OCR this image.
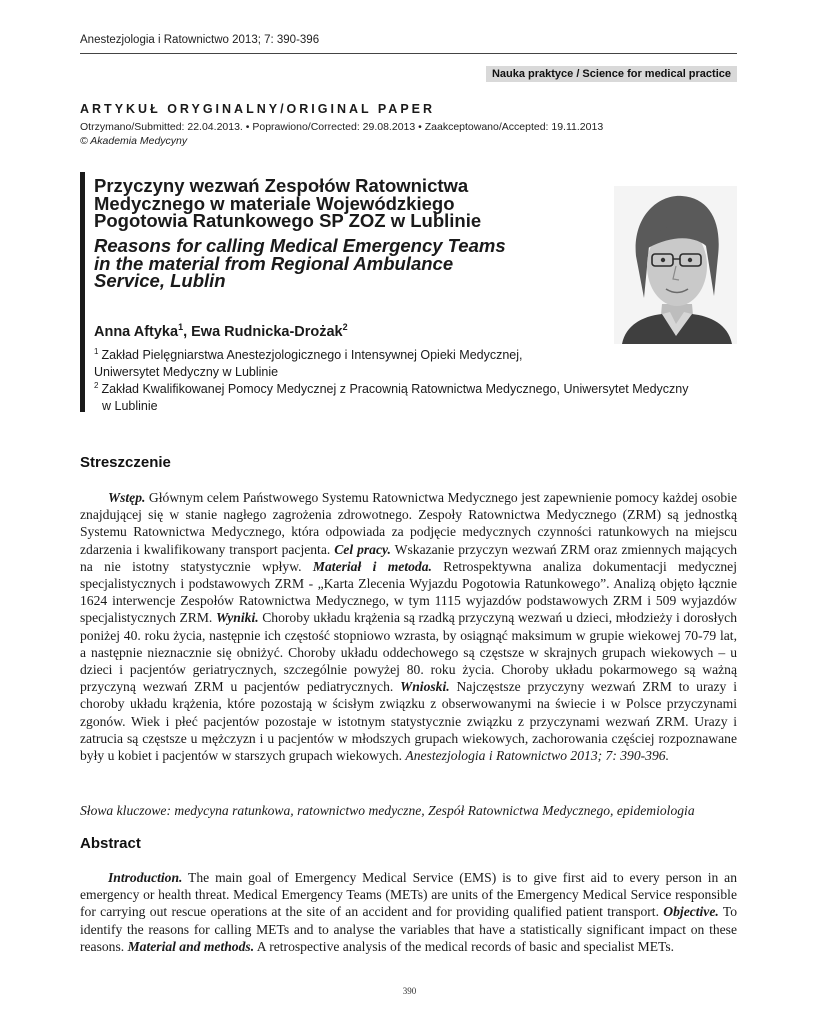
Anestezjologia i Ratownictwo 2013; 7: 390-396
Nauka praktyce / Science for medical practice
ARTYKUŁ ORYGINALNY/ORIGINAL PAPER
Otrzymano/Submitted: 22.04.2013. • Poprawiono/Corrected: 29.08.2013 • Zaakceptowano/Accepted: 19.11.2013
© Akademia Medycyny
Przyczyny wezwań Zespołów Ratownictwa
Medycznego w materiale Wojewódzkiego
Pogotowia Ratunkowego SP ZOZ w Lublinie
Reasons for calling Medical Emergency Teams
in the material from Regional Ambulance
Service, Lublin
Anna Aftyka$^1$, Ewa Rudnicka-Drożak$^2$
$^1$ Zakład Pielęgniarstwa Anestezjologicznego i Intensywnej Opieki Medycznej,
Uniwersytet Medyczny w Lublinie
$^2$ Zakład Kwalifikowanej Pomocy Medycznej z Pracownią Ratownictwa Medycznego, Uniwersytet Medyczny
w Lublinie
Streszczenie

Wstęp. Głównym celem Państwowego Systemu Ratownictwa Medycznego jest zapewnienie pomocy każdej osobie znajdującej się w stanie nagłego zagrożenia zdrowotnego. Zespoły Ratownictwa Medycznego (ZRM) są jednostką Systemu Ratownictwa Medycznego, która odpowiada za podjęcie medycznych czynności ratunkowych na miejscu zdarzenia i kwalifikowany transport pacjenta. Cel pracy. Wskazanie przyczyn wezwań ZRM oraz zmiennych mających na nie istotny statystycznie wpływ. Materiał i metoda. Retrospektywna analiza dokumentacji medycznej specjalistycznych i podstawowych ZRM - „Karta Zlecenia Wyjazdu Pogotowia Ratunkowego”. Analizą objęto łącznie 1624 interwencje Zespołów Ratownictwa Medycznego, w tym 1115 wyjazdów podstawowych ZRM i 509 wyjazdów specjalistycznych ZRM. Wyniki. Choroby układu krążenia są rzadką przyczyną wezwań u dzieci, młodzieży i dorosłych poniżej 40. roku życia, następnie ich częstość stopniowo wzrasta, by osiągnąć maksimum w grupie wiekowej 70-79 lat, a następnie nieznacznie się obniżyć. Choroby układu oddechowego są częstsze w skrajnych grupach wiekowych – u dzieci i pacjentów geriatrycznych, szczególnie powyżej 80. roku życia. Choroby układu pokarmowego są ważną przyczyną wezwań ZRM u pacjentów pediatrycznych. Wnioski. Najczęstsze przyczyny wezwań ZRM to urazy i choroby układu krążenia, które pozostają w ścisłym związku z obserwowanymi na świecie i w Polsce przyczynami zgonów. Wiek i płeć pacjentów pozostaje w istotnym statystycznie związku z przyczynami wezwań ZRM. Urazy i zatrucia są częstsze u mężczyzn i u pacjentów w młodszych grupach wiekowych, zachorowania częściej rozpoznawane były u kobiet i pacjentów w starszych grupach wiekowych. Anestezjologia i Ratownictwo 2013; 7: 390-396.

Słowa kluczowe: medycyna ratunkowa, ratownictwo medyczne, Zespół Ratownictwa Medycznego, epidemiologia

Abstract

Introduction. The main goal of Emergency Medical Service (EMS) is to give first aid to every person in an emergency or health threat. Medical Emergency Teams (METs) are units of the Emergency Medical Service responsible for carrying out rescue operations at the site of an accident and for providing qualified patient transport. Objective. To identify the reasons for calling METs and to analyse the variables that have a statistically significant impact on these reasons. Material and methods. A retrospective analysis of the medical records of basic and specialist METs.

390
